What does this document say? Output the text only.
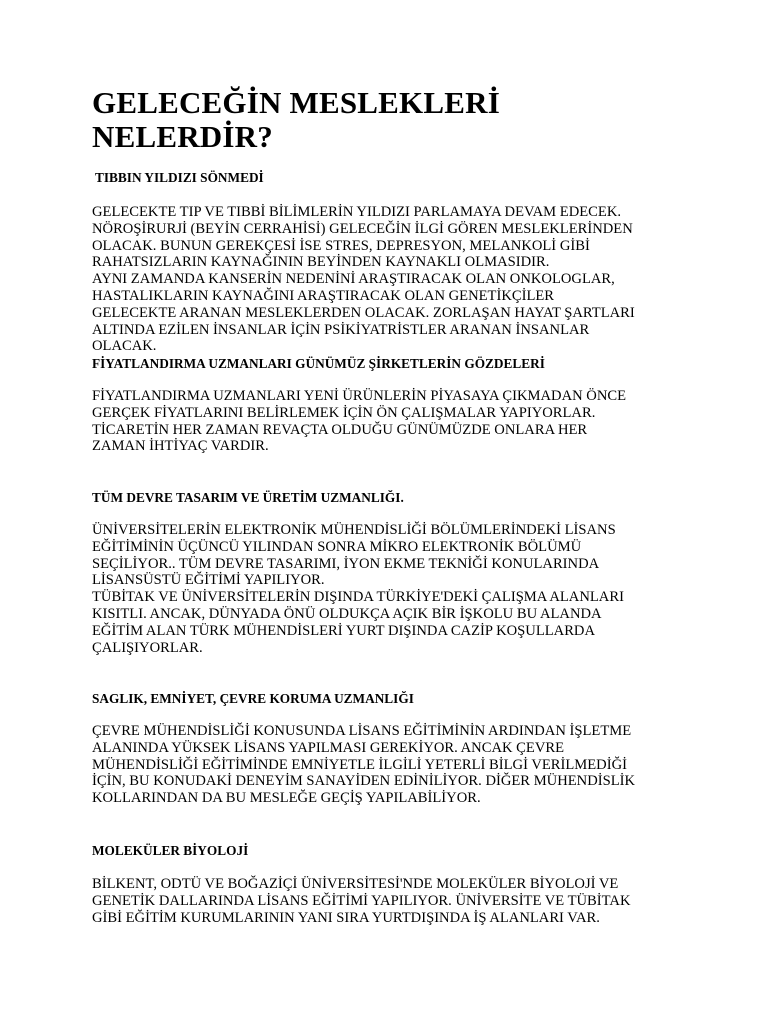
GELECEĞİN MESLEKLERİ
NELERDİR?
TIBBIN YILDIZI SÖNMEDİ

GELECEKTE TIP VE TIBBİ BİLİMLERİN YILDIZI PARLAMAYA DEVAM EDECEK.
NÖROŞİRURJİ (BEYİN CERRAHİSİ) GELECEĞİN İLGİ GÖREN MESLEKLERİNDEN
OLACAK. BUNUN GEREKÇESİ İSE STRES, DEPRESYON, MELANKOLİ GİBİ
RAHATSIZLARIN KAYNAĞININ BEYİNDEN KAYNAKLI OLMASIDIR.
AYNI ZAMANDA KANSERİN NEDENİNİ ARAŞTIRACAK OLAN ONKOLOGLAR,
HASTALIKLARIN KAYNAĞINI ARAŞTIRACAK OLAN GENETİKÇİLER
GELECEKTE ARANAN MESLEKLERDEN OLACAK. ZORLAŞAN HAYAT ŞARTLARI
ALTINDA EZİLEN İNSANLAR İÇİN PSİKİYATRİSTLER ARANAN İNSANLAR
OLACAK.

FİYATLANDIRMA UZMANLARI GÜNÜMÜZ ŞİRKETLERİN GÖZDELERİ

FİYATLANDIRMA UZMANLARI YENİ ÜRÜNLERİN PİYASAYA ÇIKMADAN ÖNCE
GERÇEK FİYATLARINI BELİRLEMEK İÇİN ÖN ÇALIŞMALAR YAPIYORLAR.
TİCARETİN HER ZAMAN REVAÇTA OLDUĞU GÜNÜMÜZDE ONLARA HER
ZAMAN İHTİYAÇ VARDIR.

TÜM DEVRE TASARIM VE ÜRETİM UZMANLIĞI.

ÜNİVERSİTELERİN ELEKTRONİK MÜHENDİSLİĞİ BÖLÜMLERİNDEKİ LİSANS
EĞİTİMİNİN ÜÇÜNCÜ YILINDAN SONRA MİKRO ELEKTRONİK BÖLÜMÜ
SEÇİLİYOR.. TÜM DEVRE TASARIMI, İYON EKME TEKNİĞİ KONULARINDA
LİSANSÜSTÜ EĞİTİMİ YAPILIYOR.
TÜBİTAK VE ÜNİVERSİTELERİN DIŞINDA TÜRKİYE'DEKİ ÇALIŞMA ALANLARI
KISITLI. ANCAK, DÜNYADA ÖNÜ OLDUKÇA AÇIK BİR İŞKOLU BU ALANDA
EĞİTİM ALAN TÜRK MÜHENDİSLERİ YURT DIŞINDA CAZİP KOŞULLARDA
ÇALIŞIYORLAR.

SAGLIK, EMNİYET, ÇEVRE KORUMA UZMANLIĞI

ÇEVRE MÜHENDİSLİĞİ KONUSUNDA LİSANS EĞİTİMİNİN ARDINDAN İŞLETME
ALANINDA YÜKSEK LİSANS YAPILMASI GEREKİYOR. ANCAK ÇEVRE
MÜHENDİSLİĞİ EĞİTİMİNDE EMNİYETLE İLGİLİ YETERLİ BİLGİ VERİLMEDİĞİ
İÇİN, BU KONUDAKİ DENEYİM SANAYİDEN EDİNİLİYOR. DİĞER MÜHENDİSLİK
KOLLARINDAN DA BU MESLEĞE GEÇİŞ YAPILABİLİYOR.

MOLEKÜLER BİYOLOJİ

BİLKENT, ODTÜ VE BOĞAZİÇİ ÜNİVERSİTESİ'NDE MOLEKÜLER BİYOLOJİ VE
GENETİK DALLARINDA LİSANS EĞİTİMİ YAPILIYOR. ÜNİVERSİTE VE TÜBİTAK
GİBİ EĞİTİM KURUMLARININ YANI SIRA YURTDIŞINDA İŞ ALANLARI VAR.
